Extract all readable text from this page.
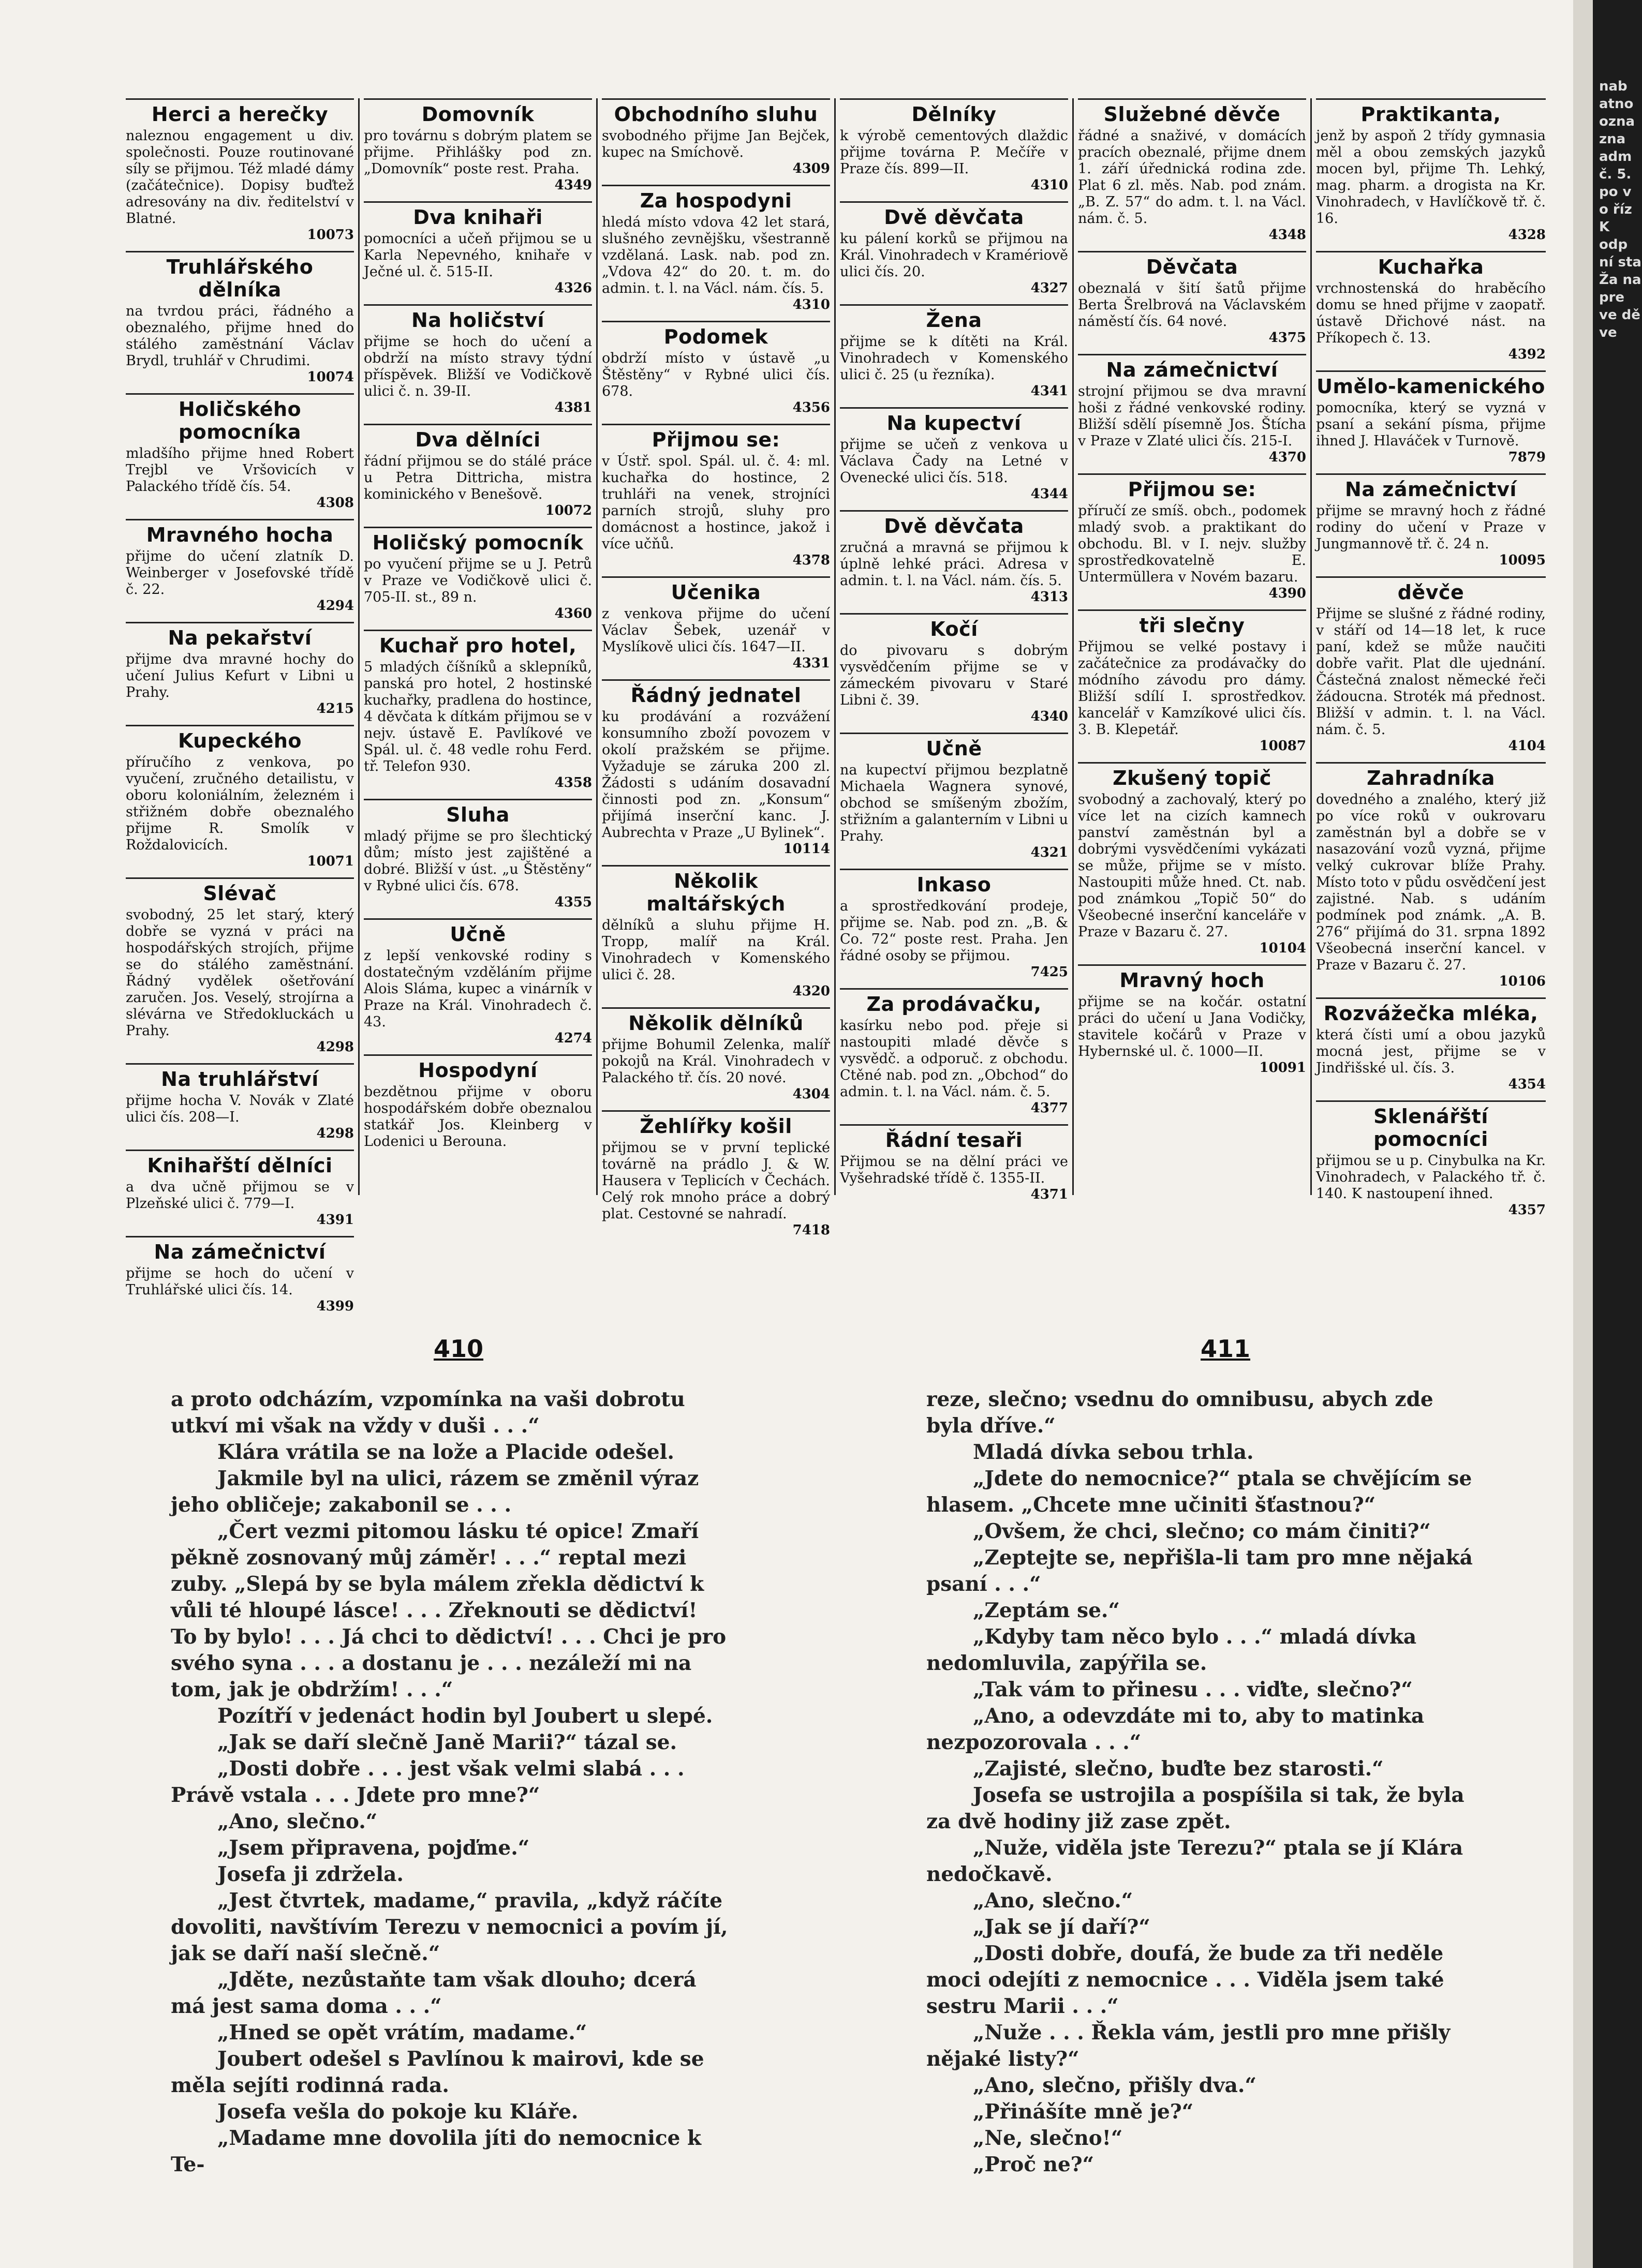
nab atno ozna zna adm č. 5. po v o říz K odp ní sta Ža na pre ve dě ve
Herci a herečky
naleznou engagement u div. společnosti. Pouze routinované síly se přijmou. Též mladé dámy (začátečnice). Dopisy buďtež adresovány na div. ředitelství v Blatné.
10073
Truhlářského dělníka
na tvrdou práci, řádného a obeznalého, přijme hned do stálého zaměstnání Václav Brydl, truhlář v Chrudimi.
10074
Holičského pomocníka
mladšího přijme hned Robert Trejbl ve Vršovicích v Palackého třídě čís. 54.
4308
Mravného hocha
přijme do učení zlatník D. Weinberger v Josefovské třídě č. 22.
4294
Na pekařství
přijme dva mravné hochy do učení Julius Kefurt v Libni u Prahy.
4215
Kupeckého
příručího z venkova, po vyučení, zručného detailistu, v oboru koloniálním, železném i střižném dobře obeznalého přijme R. Smolík v Roždalovicích.
10071
Slévač
svobodný, 25 let starý, který dobře se vyzná v práci na hospodářských strojích, přijme se do stálého zaměstnání. Řádný vydělek ošetřování zaručen. Jos. Veselý, strojírna a slévárna ve Středokluckách u Prahy.
4298
Na truhlářství
přijme hocha V. Novák v Zlaté ulici čís. 208—I.
4298
Knihařští dělníci
a dva učně přijmou se v Plzeňské ulici č. 779—I.
4391
Na zámečnictví
přijme se hoch do učení v Truhlářské ulici čís. 14.
4399
Domovník
pro továrnu s dobrým platem se přijme. Přihlášky pod zn. „Domovník“ poste rest. Praha.
4349
Dva knihaři
pomocníci a učeň přijmou se u Karla Nepevného, knihaře v Ječné ul. č. 515-II.
4326
Na holičství
přijme se hoch do učení a obdrží na místo stravy týdní příspěvek. Bližší ve Vodičkově ulici č. n. 39-II.
4381
Dva dělníci
řádní přijmou se do stálé práce u Petra Dittricha, mistra kominického v Benešově.
10072
Holičský pomocník
po vyučení přijme se u J. Petrů v Praze ve Vodičkově ulici č. 705-II. st., 89 n.
4360
Kuchař pro hotel,
5 mladých číšníků a sklepníků, panská pro hotel, 2 hostinské kuchařky, pradlena do hostince, 4 děvčata k dítkám přijmou se v nejv. ústavě E. Pavlíkové ve Spál. ul. č. 48 vedle rohu Ferd. tř. Telefon 930.
4358
Sluha
mladý přijme se pro šlechtický dům; místo jest zajištěné a dobré. Bližší v úst. „u Štěstěny“ v Rybné ulici čís. 678.
4355
Učně
z lepší venkovské rodiny s dostatečným vzděláním přijme Alois Sláma, kupec a vinárník v Praze na Král. Vinohradech č. 43.
4274
Hospodyní
bezdětnou přijme v oboru hospodářském dobře obeznalou statkář Jos. Kleinberg v Lodenici u Berouna.
Obchodního sluhu
svobodného přijme Jan Bejček, kupec na Smíchově.
4309
Za hospodyni
hledá místo vdova 42 let stará, slušného zevnějšku, všestranně vzdělaná. Lask. nab. pod zn. „Vdova 42“ do 20. t. m. do admin. t. l. na Václ. nám. čís. 5.
4310
Podomek
obdrží místo v ústavě „u Štěstěny“ v Rybné ulici čís. 678.
4356
Přijmou se:
v Ústř. spol. Spál. ul. č. 4: ml. kuchařka do hostince, 2 truhláři na venek, strojníci parních strojů, sluhy pro domácnost a hostince, jakož i více učňů.
4378
Učenika
z venkova přijme do učení Václav Šebek, uzenář v Myslíkově ulici čís. 1647—II.
4331
Řádný jednatel
ku prodávání a rozvážení konsumního zboží povozem v okolí pražském se přijme. Vyžaduje se záruka 200 zl. Žádosti s udáním dosavadní činnosti pod zn. „Konsum“ přijímá inserční kanc. J. Aubrechta v Praze „U Bylinek“.
10114
Několik maltářských
dělníků a sluhu přijme H. Tropp, malíř na Král. Vinohradech v Komenského ulici č. 28.
4320
Několik dělníků
přijme Bohumil Zelenka, malíř pokojů na Král. Vinohradech v Palackého tř. čís. 20 nové.
4304
Žehlířky košil
přijmou se v první teplické továrně na prádlo J. & W. Hausera v Teplicích v Čechách. Celý rok mnoho práce a dobrý plat. Cestovné se nahradí.
7418
Dělníky
k výrobě cementových dlaždic přijme továrna P. Mečíře v Praze čís. 899—II.
4310
Dvě děvčata
ku pálení korků se přijmou na Král. Vinohradech v Kramériově ulici čís. 20.
4327
Žena
přijme se k dítěti na Král. Vinohradech v Komenského ulici č. 25 (u řezníka).
4341
Na kupectví
přijme se učeň z venkova u Václava Čady na Letné v Ovenecké ulici čís. 518.
4344
Dvě děvčata
zručná a mravná se přijmou k úplně lehké práci. Adresa v admin. t. l. na Václ. nám. čís. 5.
4313
Kočí
do pivovaru s dobrým vysvědčením přijme se v zámeckém pivovaru v Staré Libni č. 39.
4340
Učně
na kupectví přijmou bezplatně Michaela Wagnera synové, obchod se smíšeným zbožím, střižním a galanterním v Libni u Prahy.
4321
Inkaso
a sprostředkování prodeje, přijme se. Nab. pod zn. „B. & Co. 72“ poste rest. Praha. Jen řádné osoby se přijmou.
7425
Za prodávačku,
kasírku nebo pod. přeje si nastoupiti mladé děvče s vysvědč. a odporuč. z obchodu. Ctěné nab. pod zn. „Obchod“ do admin. t. l. na Václ. nám. č. 5.
4377
Řádní tesaři
Přijmou se na dělní práci ve Vyšehradské třídě č. 1355-II.
4371
Služebné děvče
řádné a snaživé, v domácích pracích obeznalé, přijme dnem 1. září úřednická rodina zde. Plat 6 zl. měs. Nab. pod znám. „B. Z. 57“ do adm. t. l. na Václ. nám. č. 5.
4348
Děvčata
obeznalá v šití šatů přijme Berta Šrelbrová na Václavském náměstí čís. 64 nové.
4375
Na zámečnictví
strojní přijmou se dva mravní hoši z řádné venkovské rodiny. Bližší sdělí písemně Jos. Štícha v Praze v Zlaté ulici čís. 215-I.
4370
Přijmou se:
příručí ze smíš. obch., podomek mladý svob. a praktikant do obchodu. Bl. v I. nejv. služby sprostředkovatelně E. Untermüllera v Novém bazaru.
4390
tři slečny
Přijmou se velké postavy i začátečnice za prodávačky do módního závodu pro dámy. Bližší sdílí I. sprostředkov. kancelář v Kamzíkové ulici čís. 3. B. Klepetář.
10087
Zkušený topič
svobodný a zachovalý, který po více let na cizích kamnech panství zaměstnán byl a dobrými vysvědčeními vykázati se může, přijme se v místo. Nastoupiti může hned. Ct. nab. pod známkou „Topič 50“ do Všeobecné inserční kanceláře v Praze v Bazaru č. 27.
10104
Mravný hoch
přijme se na kočár. ostatní práci do učení u Jana Vodičky, stavitele kočárů v Praze v Hybernské ul. č. 1000—II.
10091
Praktikanta,
jenž by aspoň 2 třídy gymnasia měl a obou zemských jazyků mocen byl, přijme Th. Lehký, mag. pharm. a drogista na Kr. Vinohradech, v Havlíčkově tř. č. 16.
4328
Kuchařka
vrchnostenská do hraběcího domu se hned přijme v zaopatř. ústavě Dřichové nást. na Příkopech č. 13.
4392
Umělo-kamenického
pomocníka, který se vyzná v psaní a sekání písma, přijme ihned J. Hlaváček v Turnově.
7879
Na zámečnictví
přijme se mravný hoch z řádné rodiny do učení v Praze v Jungmannově tř. č. 24 n.
10095
děvče
Přijme se slušné z řádné rodiny, v stáří od 14—18 let, k ruce paní, kdež se může naučiti dobře vařit. Plat dle ujednání. Částečná znalost německé řeči žádoucna. Stroték má přednost. Bližší v admin. t. l. na Václ. nám. č. 5.
4104
Zahradníka
dovedného a znalého, který již po více roků v oukrovaru zaměstnán byl a dobře se v nasazování vozů vyzná, přijme velký cukrovar blíže Prahy. Místo toto v půdu osvědčení jest zajistné. Nab. s udáním podmínek pod známk. „A. B. 276“ přijímá do 31. srpna 1892 Všeobecná inserční kancel. v Praze v Bazaru č. 27.
10106
Rozvážečka mléka,
která čísti umí a obou jazyků mocná jest, přijme se v Jindřišské ul. čís. 3.
4354
Sklenářští pomocníci
přijmou se u p. Cinybulka na Kr. Vinohradech, v Palackého tř. č. 140. K nastoupení ihned.
4357
410	411

a proto odcházím, vzpomínka na vaši dobrotu utkví mi však na vždy v duši . . .“

Klára vrátila se na lože a Placide odešel.

Jakmile byl na ulici, rázem se změnil výraz jeho obličeje; zakabonil se . . .

„Čert vezmi pitomou lásku té opice! Zmaří pěkně zosnovaný můj záměr! . . .“ reptal mezi zuby. „Slepá by se byla málem zřekla dědictví k vůli té hloupé lásce! . . . Zřeknouti se dědictví! To by bylo! . . . Já chci to dědictví! . . . Chci je pro svého syna . . . a dostanu je . . . nezáleží mi na tom, jak je obdržím! . . .“

Pozítří v jedenáct hodin byl Joubert u slepé.

„Jak se daří slečně Janě Marii?“ tázal se.

„Dosti dobře . . . jest však velmi slabá . . . Právě vstala . . . Jdete pro mne?“

„Ano, slečno.“

„Jsem připravena, pojďme.“

Josefa ji zdržela.

„Jest čtvrtek, madame,“ pravila, „když ráčíte dovoliti, navštívím Terezu v nemocnici a povím jí, jak se daří naší slečně.“

„Jděte, nezůstaňte tam však dlouho; dcerá má jest sama doma . . .“

„Hned se opět vrátím, madame.“

Joubert odešel s Pavlínou k mairovi, kde se měla sejíti rodinná rada.

Josefa vešla do pokoje ku Kláře.

„Madame mne dovolila jíti do nemocnice k Te-

reze, slečno; vsednu do omnibusu, abych zde byla dříve.“

Mladá dívka sebou trhla.

„Jdete do nemocnice?“ ptala se chvějícím se hlasem. „Chcete mne učiniti šťastnou?“

„Ovšem, že chci, slečno; co mám činiti?“

„Zeptejte se, nepřišla-li tam pro mne nějaká psaní . . .“

„Zeptám se.“

„Kdyby tam něco bylo . . .“ mladá dívka nedomluvila, zapýřila se.

„Tak vám to přinesu . . . viďte, slečno?“

„Ano, a odevzdáte mi to, aby to matinka nezpozorovala . . .“

„Zajisté, slečno, buďte bez starosti.“

Josefa se ustrojila a pospíšila si tak, že byla za dvě hodiny již zase zpět.

„Nuže, viděla jste Terezu?“ ptala se jí Klára nedočkavě.

„Ano, slečno.“

„Jak se jí daří?“

„Dosti dobře, doufá, že bude za tři neděle moci odejíti z nemocnice . . . Viděla jsem také sestru Marii . . .“

„Nuže . . . Řekla vám, jestli pro mne přišly nějaké listy?“

„Ano, slečno, přišly dva.“

„Přinášíte mně je?“

„Ne, slečno!“

„Proč ne?“
